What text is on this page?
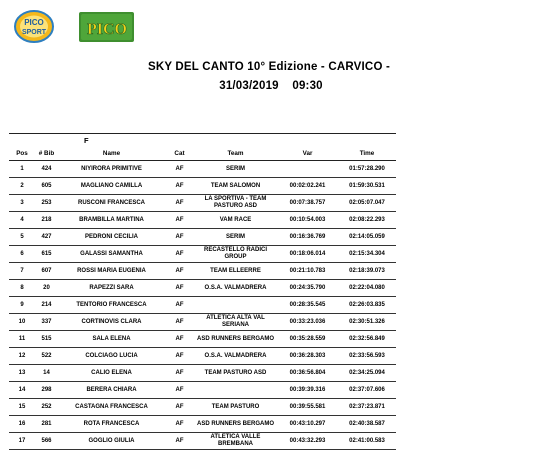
PICO
SPORT	PICO
SKY DEL CANTO 10° Edizione - CARVICO -
31/03/2019    09:30

F						
Pos	# Bib	Name	Cat	Team	Var	Time
1	424	NIYIRORA PRIMITIVE	AF	SERIM		01:57:28.290
2	605	MAGLIANO CAMILLA	AF	TEAM SALOMON	00:02:02.241	01:59:30.531
3	253	RUSCONI FRANCESCA	AF	LA SPORTIVA - TEAM PASTURO ASD	00:07:38.757	02:05:07.047
4	218	BRAMBILLA MARTINA	AF	VAM RACE	00:10:54.003	02:08:22.293
5	427	PEDRONI CECILIA	AF	SERIM	00:16:36.769	02:14:05.059
6	615	GALASSI SAMANTHA	AF	RECASTELLO RADICI GROUP	00:18:06.014	02:15:34.304
7	607	ROSSI MARIA EUGENIA	AF	TEAM ELLEERRE	00:21:10.783	02:18:39.073
8	20	RAPEZZI SARA	AF	O.S.A. VALMADRERA	00:24:35.790	02:22:04.080
9	214	TENTORIO FRANCESCA	AF		00:28:35.545	02:26:03.835
10	337	CORTINOVIS CLARA	AF	ATLETICA ALTA VAL SERIANA	00:33:23.036	02:30:51.326
11	515	SALA ELENA	AF	ASD RUNNERS BERGAMO	00:35:28.559	02:32:56.849
12	522	COLCIAGO LUCIA	AF	O.S.A. VALMADRERA	00:36:28.303	02:33:56.593
13	14	CALIO ELENA	AF	TEAM PASTURO ASD	00:36:56.804	02:34:25.094
14	298	BERERA CHIARA	AF		00:39:39.316	02:37:07.606
15	252	CASTAGNA FRANCESCA	AF	TEAM PASTURO	00:39:55.581	02:37:23.871
16	281	ROTA FRANCESCA	AF	ASD RUNNERS BERGAMO	00:43:10.297	02:40:38.587
17	566	GOGLIO GIULIA	AF	ATLETICA VALLE BREMBANA	00:43:32.293	02:41:00.583
